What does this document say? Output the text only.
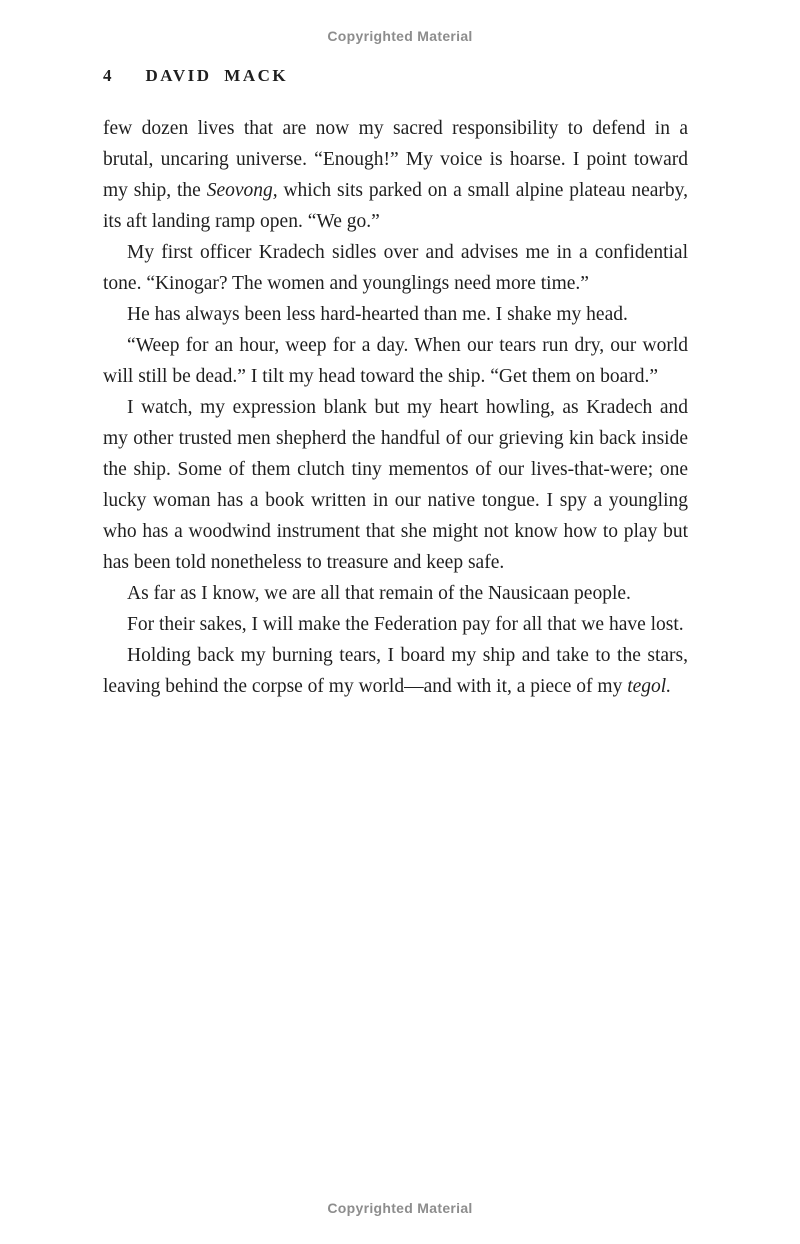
Copyrighted Material
4 DAVID MACK

few dozen lives that are now my sacred responsibility to defend in a brutal, uncaring universe. “Enough!” My voice is hoarse. I point toward my ship, the Seovong, which sits parked on a small alpine plateau nearby, its aft landing ramp open. “We go.”

My first officer Kradech sidles over and advises me in a confidential tone. “Kinogar? The women and younglings need more time.”

He has always been less hard-hearted than me. I shake my head.

“Weep for an hour, weep for a day. When our tears run dry, our world will still be dead.” I tilt my head toward the ship. “Get them on board.”

I watch, my expression blank but my heart howling, as Kradech and my other trusted men shepherd the handful of our grieving kin back inside the ship. Some of them clutch tiny mementos of our lives-that-were; one lucky woman has a book written in our native tongue. I spy a youngling who has a woodwind instrument that she might not know how to play but has been told nonetheless to treasure and keep safe.

As far as I know, we are all that remain of the Nausicaan people.

For their sakes, I will make the Federation pay for all that we have lost.

Holding back my burning tears, I board my ship and take to the stars, leaving behind the corpse of my world—and with it, a piece of my tegol.

Copyrighted Material
